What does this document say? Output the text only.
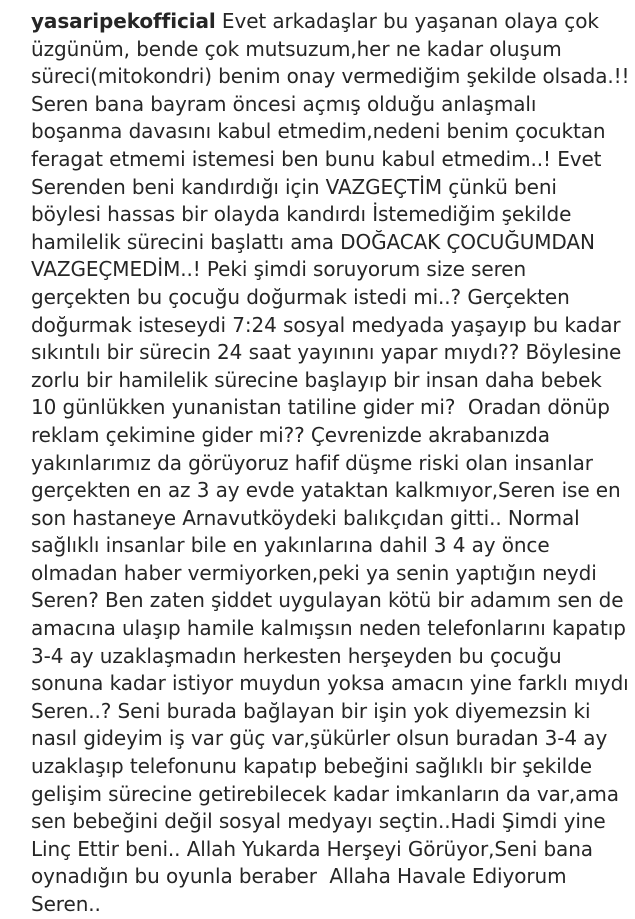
yasaripekofficial Evet arkadaşlar bu yaşanan olaya çok
üzgünüm, bende çok mutsuzum,her ne kadar oluşum
süreci(mitokondri) benim onay vermediğim şekilde olsada.!!
Seren bana bayram öncesi açmış olduğu anlaşmalı
boşanma davasını kabul etmedim,nedeni benim çocuktan
feragat etmemi istemesi ben bunu kabul etmedim..! Evet
Serenden beni kandırdığı için VAZGEÇTİM çünkü beni
böylesi hassas bir olayda kandırdı İstemediğim şekilde
hamilelik sürecini başlattı ama DOĞACAK ÇOCUĞUMDAN
VAZGEÇMEDİM..! Peki şimdi soruyorum size seren
gerçekten bu çocuğu doğurmak istedi mi..? Gerçekten
doğurmak isteseydi 7:24 sosyal medyada yaşayıp bu kadar
sıkıntılı bir sürecin 24 saat yayınını yapar mıydı?? Böylesine
zorlu bir hamilelik sürecine başlayıp bir insan daha bebek
10 günlükken yunanistan tatiline gider mi?  Oradan dönüp
reklam çekimine gider mi?? Çevrenizde akrabanızda
yakınlarımız da görüyoruz hafif düşme riski olan insanlar
gerçekten en az 3 ay evde yataktan kalkmıyor,Seren ise en
son hastaneye Arnavutköydeki balıkçıdan gitti.. Normal
sağlıklı insanlar bile en yakınlarına dahil 3 4 ay önce
olmadan haber vermiyorken,peki ya senin yaptığın neydi
Seren? Ben zaten şiddet uygulayan kötü bir adamım sen de
amacına ulaşıp hamile kalmışsın neden telefonlarını kapatıp
3-4 ay uzaklaşmadın herkesten herşeyden bu çocuğu
sonuna kadar istiyor muydun yoksa amacın yine farklı mıydı
Seren..? Seni burada bağlayan bir işin yok diyemezsin ki
nasıl gideyim iş var güç var,şükürler olsun buradan 3-4 ay
uzaklaşıp telefonunu kapatıp bebeğini sağlıklı bir şekilde
gelişim sürecine getirebilecek kadar imkanların da var,ama
sen bebeğini değil sosyal medyayı seçtin..Hadi Şimdi yine
Linç Ettir beni.. Allah Yukarda Herşeyi Görüyor,Seni bana
oynadığın bu oyunla beraber  Allaha Havale Ediyorum
Seren..
